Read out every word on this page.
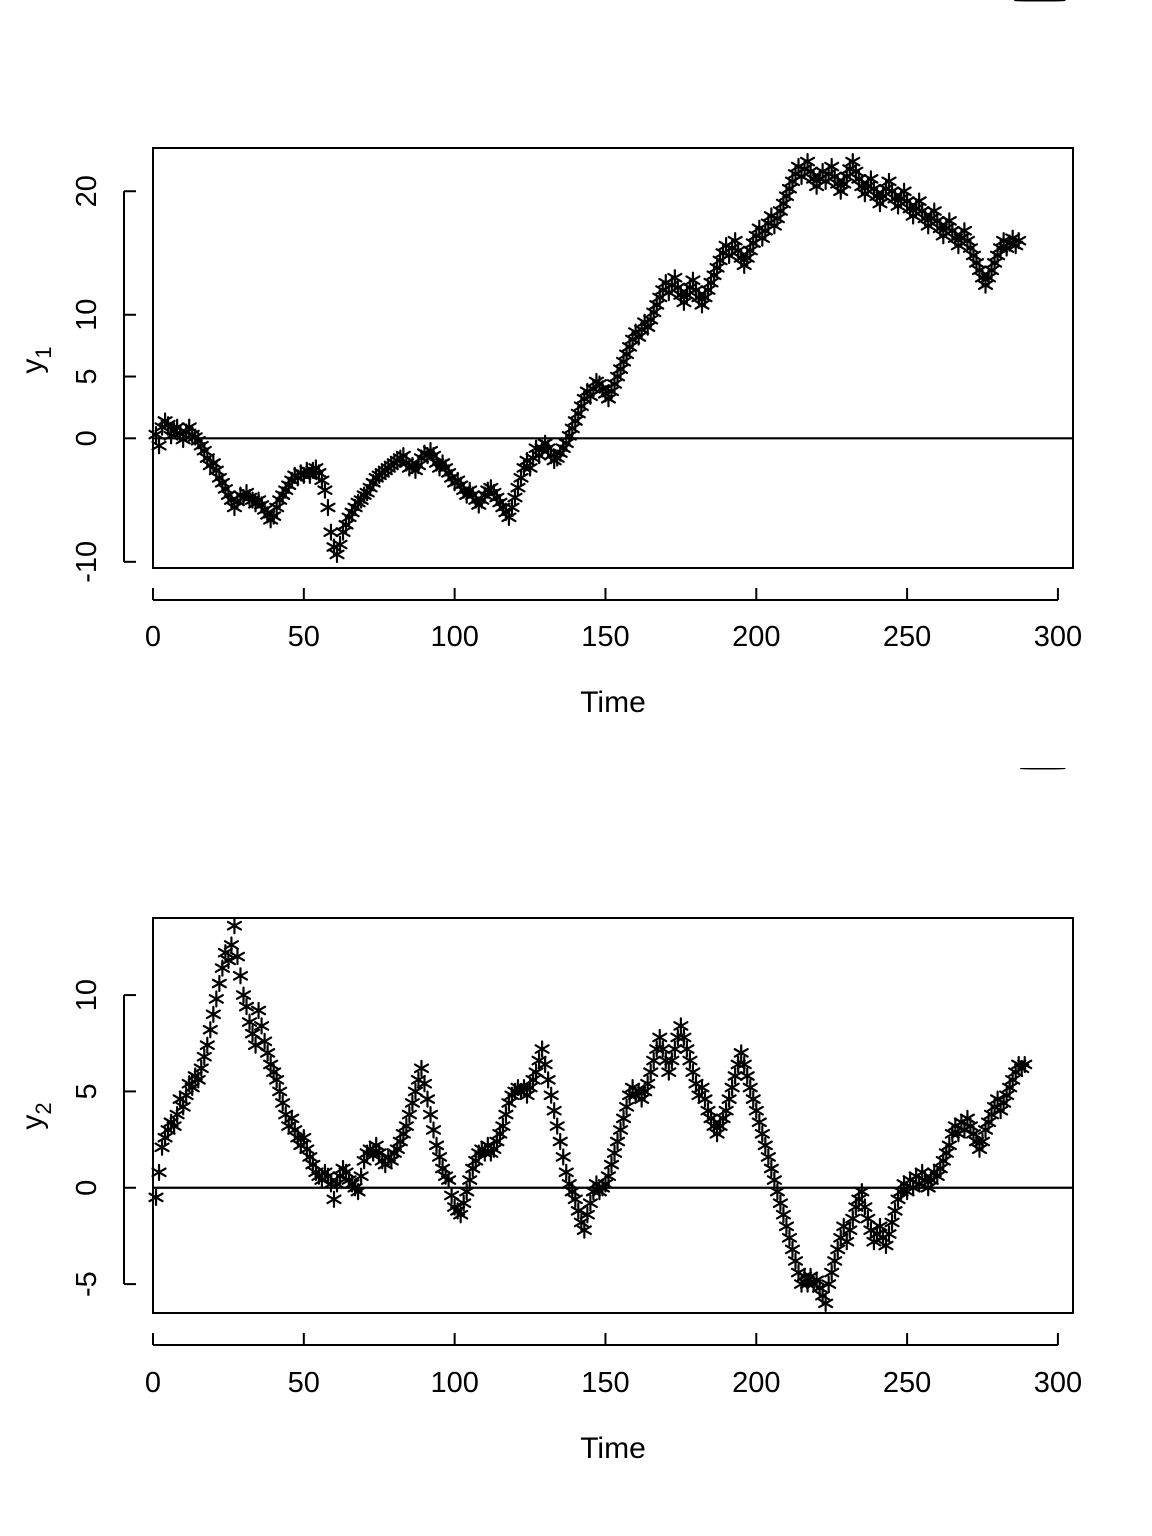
0	50	100	150	200	250	300
-10
0
5
10
20
Time
$y_1$
0	50	100	150	200	250	300
-5
0
5
10
Time
$y_2$
